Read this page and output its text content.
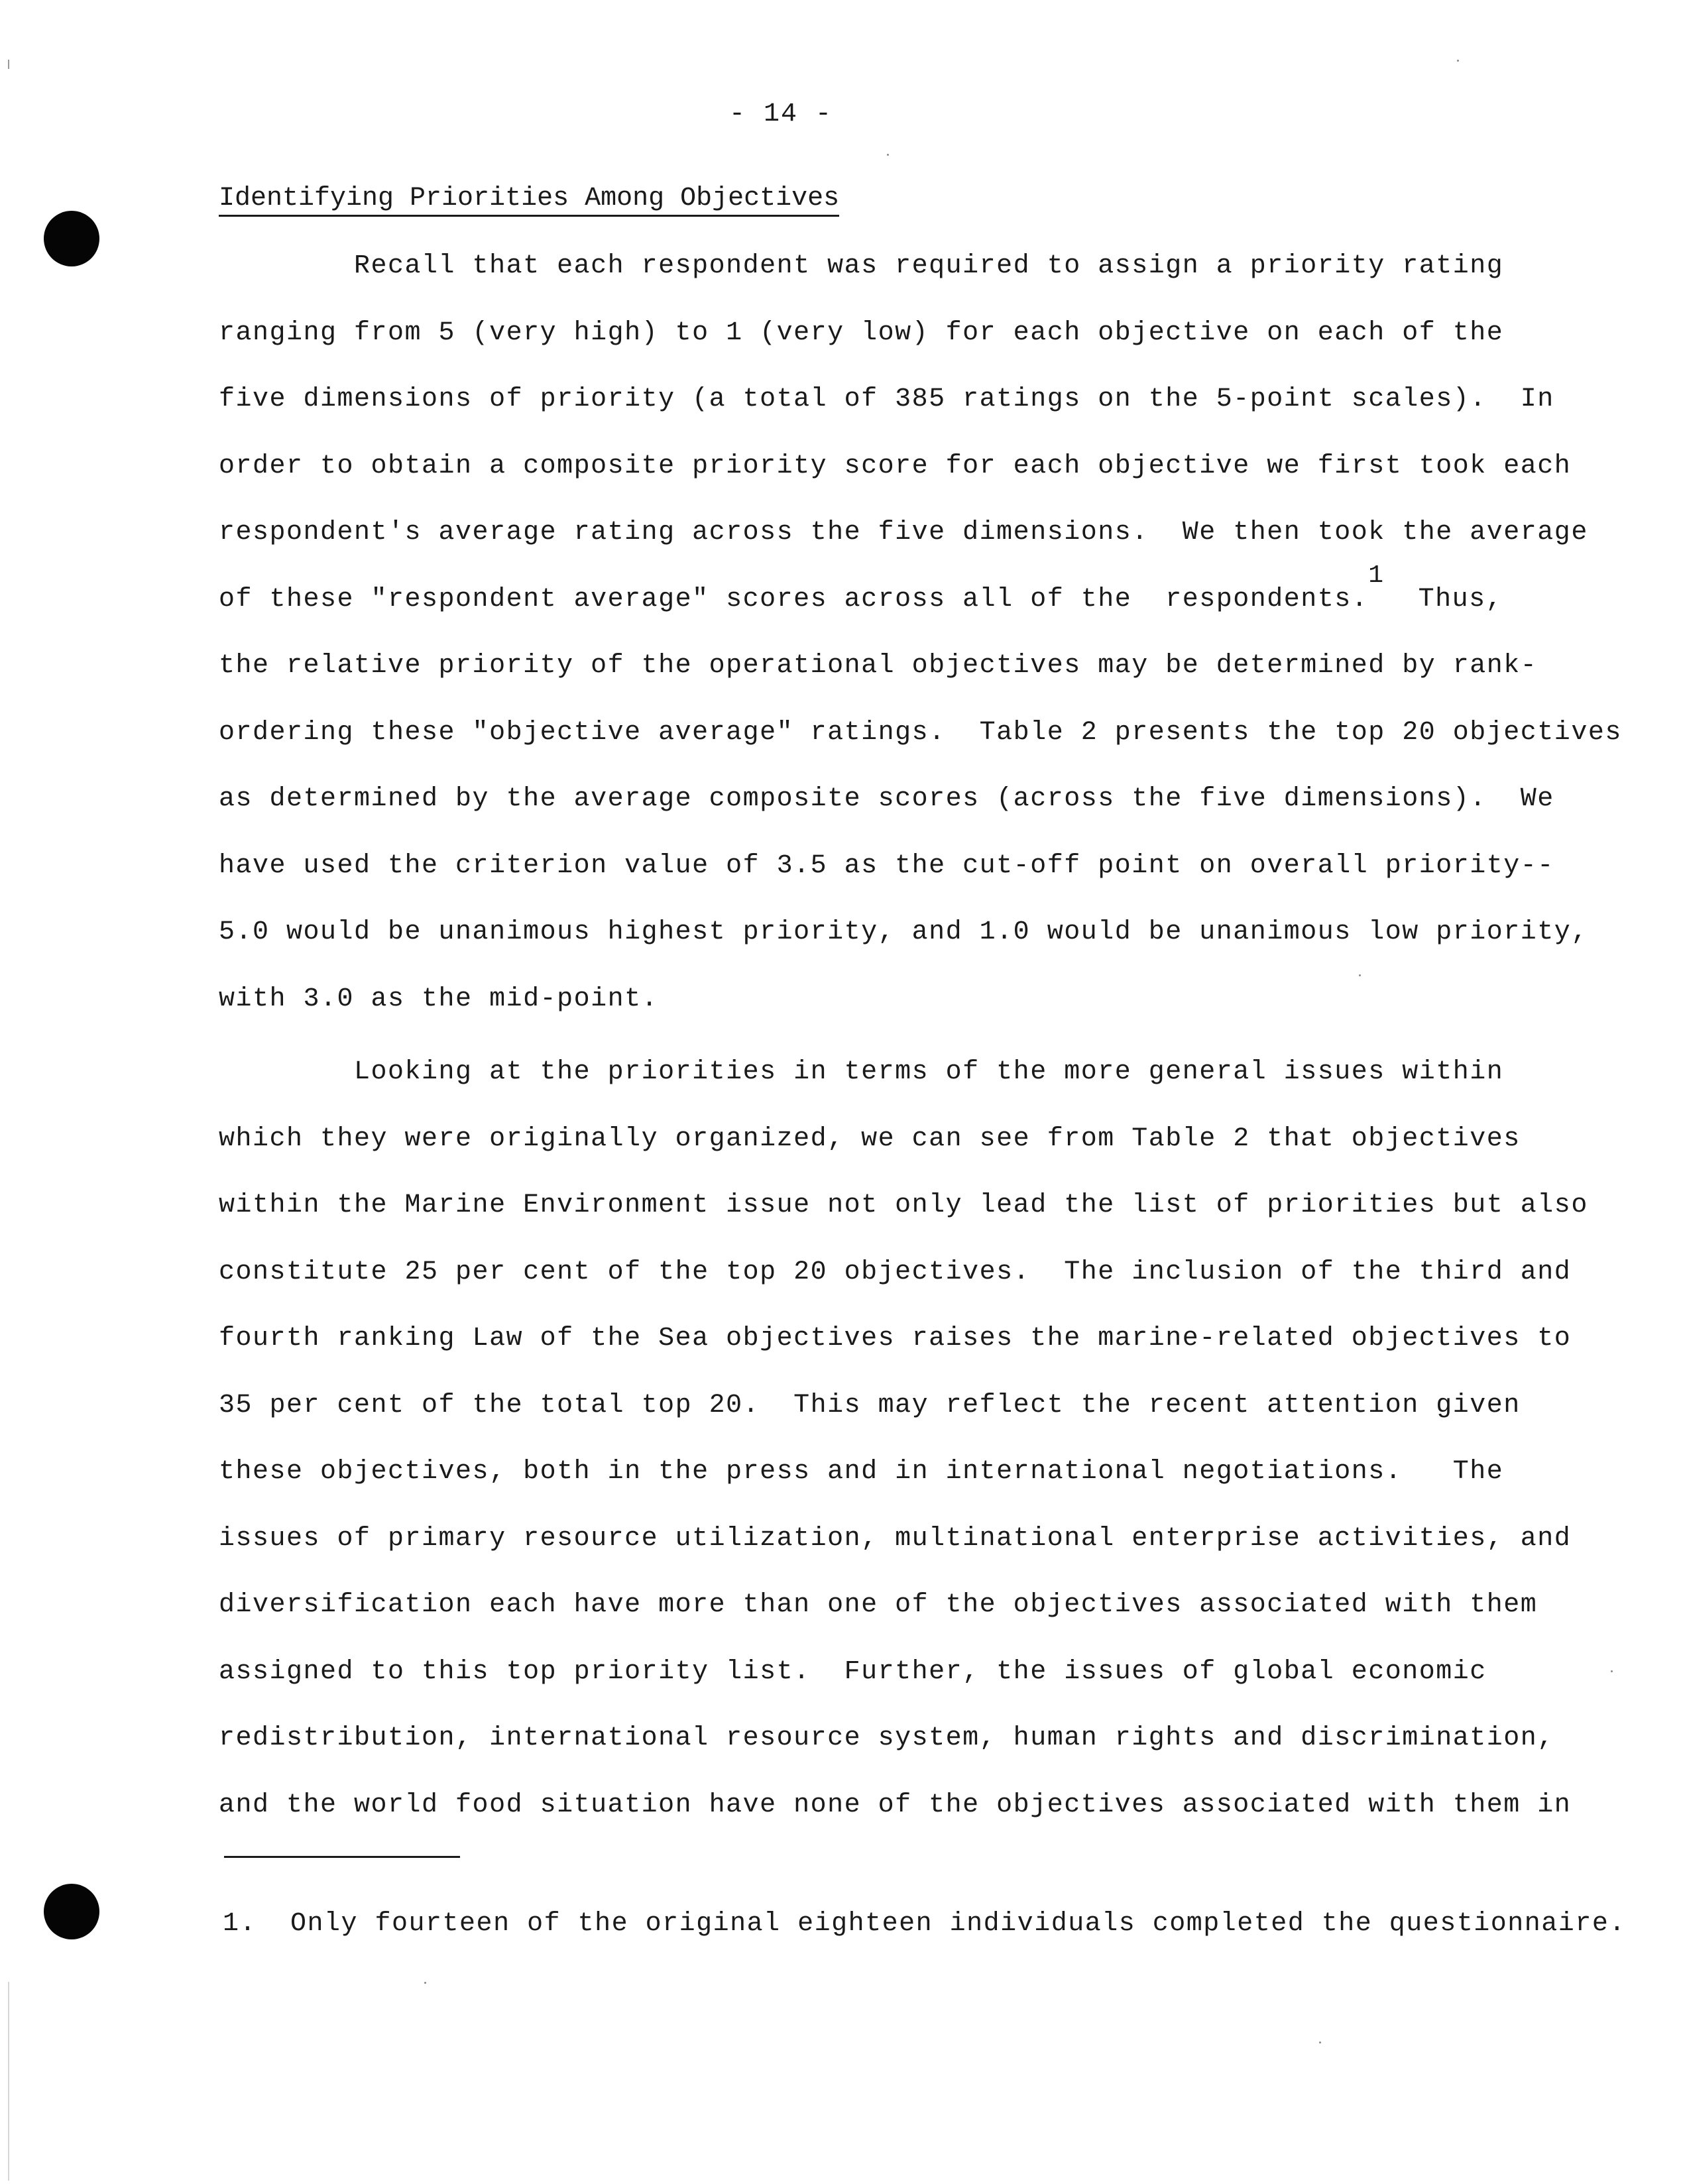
- 14 -
Identifying Priorities Among Objectives
Recall that each respondent was required to assign a priority rating
ranging from 5 (very high) to 1 (very low) for each objective on each of the
five dimensions of priority (a total of 385 ratings on the 5-point scales).  In
order to obtain a composite priority score for each objective we first took each
respondent's average rating across the five dimensions.  We then took the average
of these "respondent average" scores across all of the  respondents.1  Thus,
the relative priority of the operational objectives may be determined by rank-
ordering these "objective average" ratings.  Table 2 presents the top 20 objectives
as determined by the average composite scores (across the five dimensions).  We
have used the criterion value of 3.5 as the cut-off point on overall priority--
5.0 would be unanimous highest priority, and 1.0 would be unanimous low priority,
with 3.0 as the mid-point.
Looking at the priorities in terms of the more general issues within
which they were originally organized, we can see from Table 2 that objectives
within the Marine Environment issue not only lead the list of priorities but also
constitute 25 per cent of the top 20 objectives.  The inclusion of the third and
fourth ranking Law of the Sea objectives raises the marine-related objectives to
35 per cent of the total top 20.  This may reflect the recent attention given
these objectives, both in the press and in international negotiations.   The
issues of primary resource utilization, multinational enterprise activities, and
diversification each have more than one of the objectives associated with them
assigned to this top priority list.  Further, the issues of global economic
redistribution, international resource system, human rights and discrimination,
and the world food situation have none of the objectives associated with them in
1.  Only fourteen of the original eighteen individuals completed the questionnaire.
